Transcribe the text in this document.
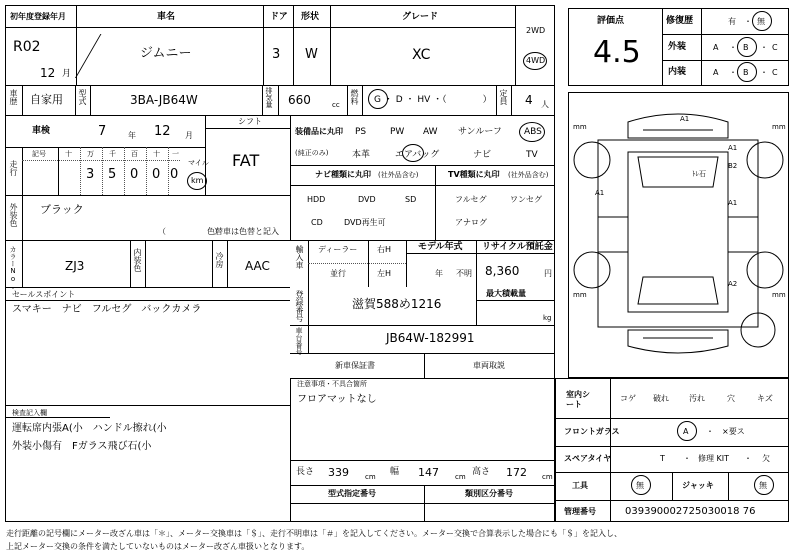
初年度登録年月
R02
12 月
車名
ジムニー
ドア
3
形状
W
グレード
XC
2WD
4WD
車歴 自家用 型式	3BA-JB64W	排気量 660	cc 燃料 G ・ D ・ HV ・（　　　　） 定員 4 人
車検	7	年 12 月
走行
記号	十 万 千 百 十 一
3 5 0 0 0
マイル
km
シフト
FAT
装備品に丸印
(純正のみ)
PS	PW AW サンルーフ ABS
本革	エアバッグ	ナビ	TV
ナビ種類に丸印 (社外品含む)
HDD	DVD	SD
CD	DVD再生可
TV種類に丸印 (社外品含む)
フルセグ	ワンセグ
アナログ
外装色 ブラック
（　　　　　　）
色替車は色替と記入
カラーNo.	ZJ3	内装色	冷房 AAC	輸入車 ディーラー
並行
右H
左H
モデル年式
年 不明
リサイクル預託金
8,360	円
セールスポイント
スマキー　ナビ　フルセグ　バックカメラ	登録番号	滋賀588め1216
最大積載量
kg
車台番号	JB64W-182991
新車保証書	車両取説
注意事項・不具合箇所
フロアマットなし
検査記入欄
運転席内張A(小　ハンドル擦れ(小
外装小傷有　Fガラス飛び石(小
長さ 339 cm 幅 147 cm 高さ 172 cm
型式指定番号	類別区分番号
評価点
4.5
修復歴	有 ・ 無
外装	A ・ B ・ C
内装	A ・ B ・ C
mm	mm
mm	mm
A1
A1
B2
A1
A1
A2
ﾄﾚ石
室内シート
コゲ 破れ	汚れ	穴	キズ
フロントガラス	A ・ ×要ス
スペアタイヤ	T ・ 修理 KIT ・ 欠
工具	無	ジャッキ	無
管理番号	039390002725030018 76
走行距離の記号欄にメーター改ざん車は「＊」、メーター交換車は「＄」、走行不明車は「＃」を記入してください。メーター交換で合算表示した場合にも「＄」を記入し、
上記メーター交換の条件を満たしていないものはメーター改ざん車扱いとなります。
